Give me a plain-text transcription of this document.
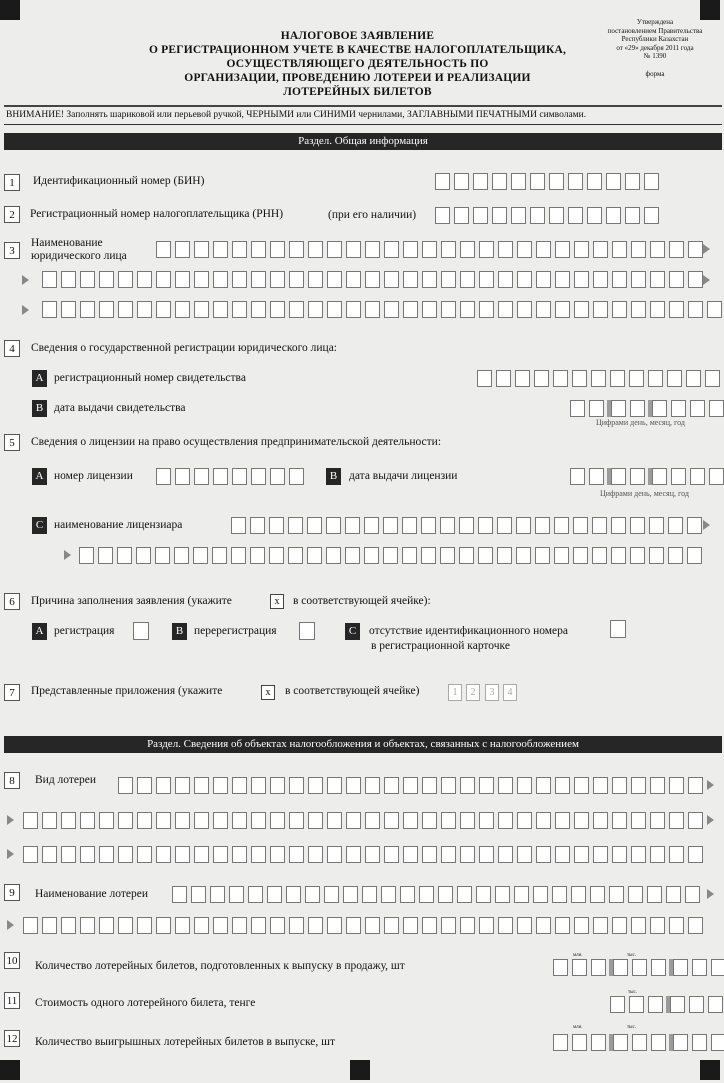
НАЛОГОВОЕ ЗАЯВЛЕНИЕ
О РЕГИСТРАЦИОННОМ УЧЕТЕ В КАЧЕСТВЕ НАЛОГОПЛАТЕЛЬЩИКА,
ОСУЩЕСТВЛЯЮЩЕГО ДЕЯТЕЛЬНОСТЬ ПО
ОРГАНИЗАЦИИ, ПРОВЕДЕНИЮ ЛОТЕРЕИ И РЕАЛИЗАЦИИ
ЛОТЕРЕЙНЫХ БИЛЕТОВ
Утверждена
постановлением Правительства
Республики Казахстан
от «29» декабря 2011 года
№ 1390
форма
ВНИМАНИЕ! Заполнять шариковой или перьевой ручкой, ЧЕРНЫМИ или СИНИМИ чернилами, ЗАГЛАВНЫМИ ПЕЧАТНЫМИ символами.
Раздел. Общая информация
1	Идентификационный номер (БИН)
2	Регистрационный номер налогоплательщика (РНН)	(при его наличии)
3
Наименование
юридического лица
4	Сведения о государственной регистрации юридического лица:
A регистрационный номер свидетельства
B дата выдачи свидетельства
Цифрами день, месяц, год
5	Сведения о лицензии на право осуществления предпринимательской деятельности:
A номер лицензии	B	дата выдачи лицензии
Цифрами день, месяц, год
C наименование лицензиара
6	Причина заполнения заявления (укажите	x	в соответствующей ячейке):
A регистрация	B перерегистрация	C	отсутствие идентификационного номера
в регистрационной карточке
7	Представленные приложения (укажите	x	в соответствующей ячейке)	1	2	3	4
Раздел. Сведения об объектах налогообложения и объектах, связанных с налогообложением
8	Вид лотереи
9	Наименование лотереи
10 Количество лотерейных билетов, подготовленных к выпуску в продажу, шт
млн.	тыс.
11 Стоимость одного лотерейного билета, тенге
тыс.
12 Количество выигрышных лотерейных билетов в выпуске, шт
млн.	тыс.
